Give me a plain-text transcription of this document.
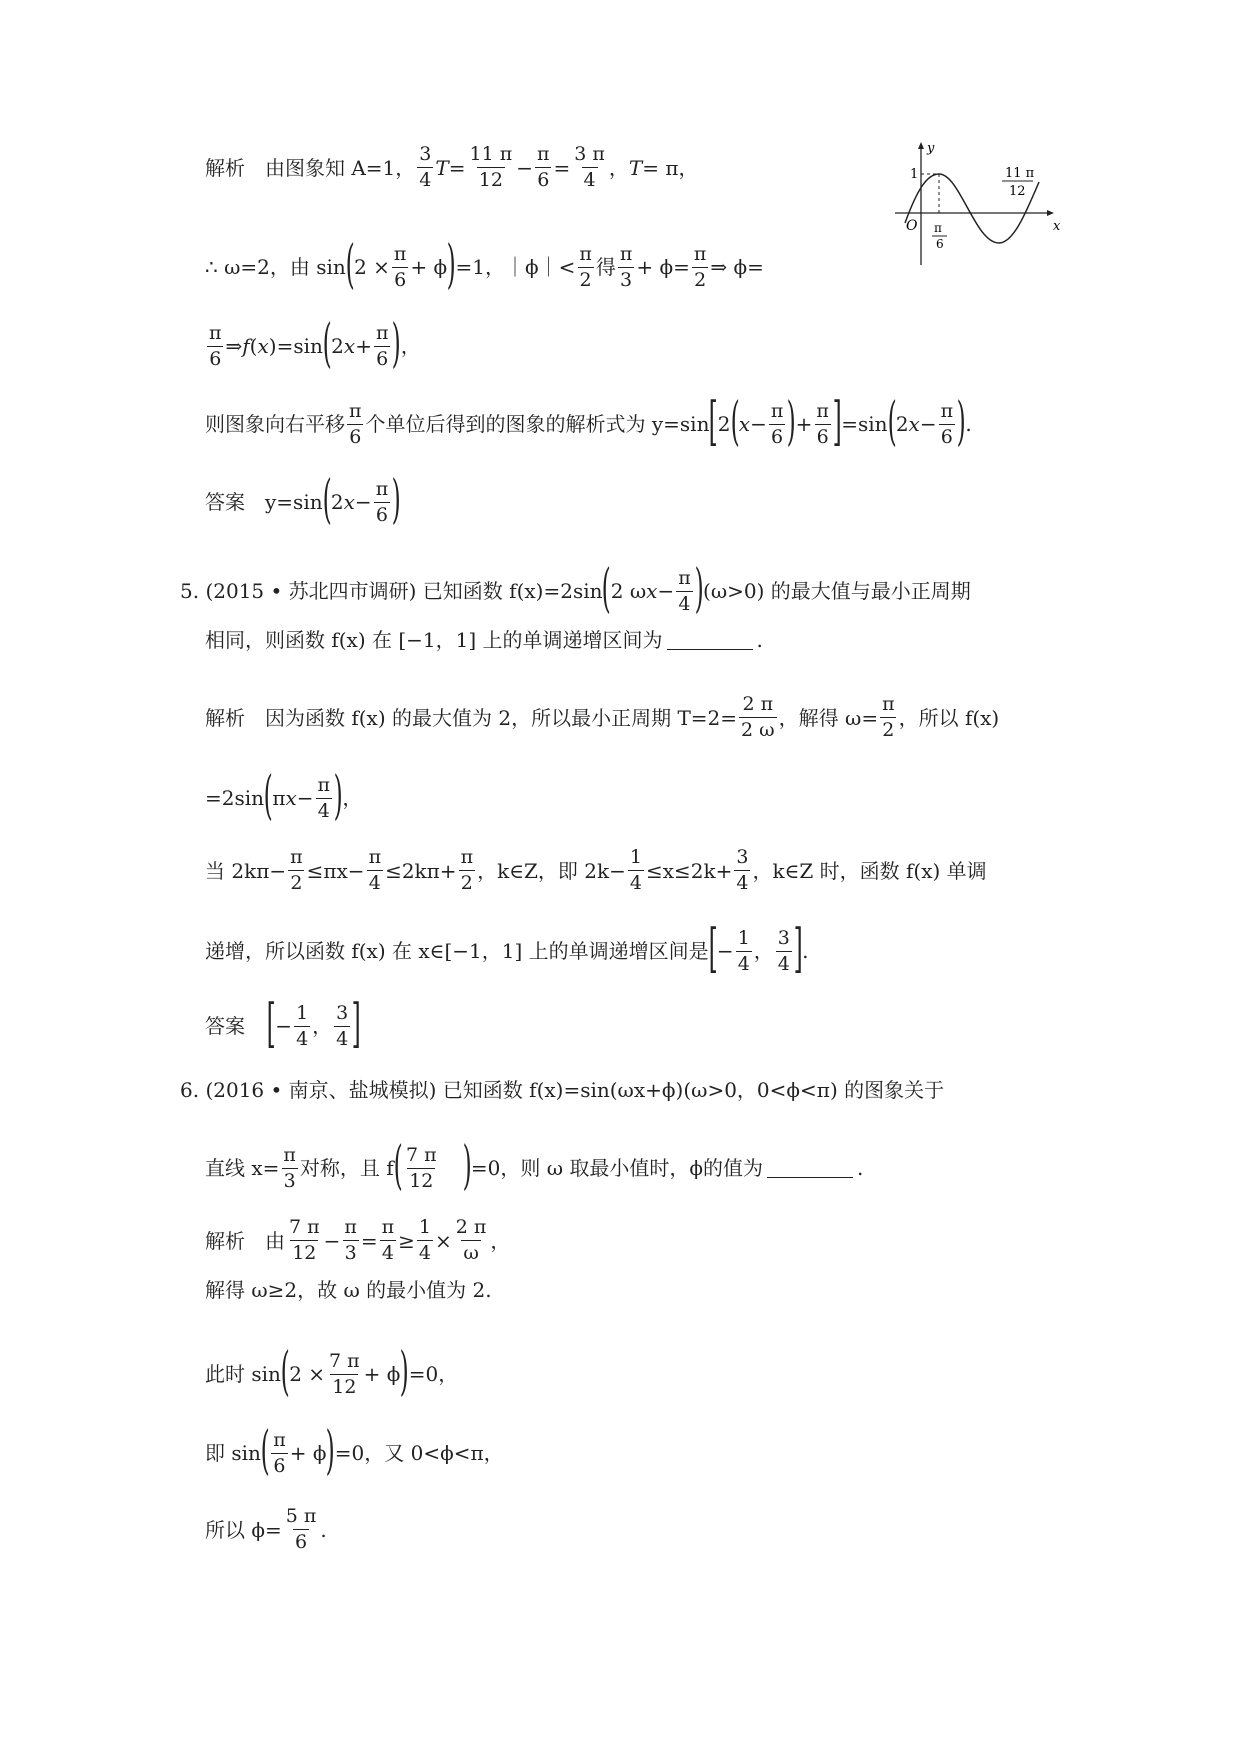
y
x
O
1
π
6
11 π
12
解析　由图象知 A=1， $\frac{3}{4}$ $T = \frac{11 \pi}{12} - \frac{\pi}{6} = \frac{3 \pi}{4}$ ， T = π，
∴ ω=2，由 sin ( $2 \times \frac{\pi}{6} + \phi$ ) =1，｜ϕ｜< $\frac{\pi}{2}$ 得 $\frac{\pi}{3} + \phi= \frac{\pi}{2}$ ⇒ ϕ=
$\frac{\pi}{6}$ ⇒ f ( x )=sin ( 2 $x + \frac{\pi}{6}$ ) ，
则图象向右平移 $\frac{\pi}{6}$ 个单位后得到的图象的解析式为 y=sin [ 2 ( $x - \frac{\pi}{6}$ ) + $\frac{\pi}{6}$ ] =sin ( 2 $x - \frac{\pi}{6}$ ) .
答案　y=sin ( 2 $x - \frac{\pi}{6}$ )
5. (2015 • 苏北四市调研) 已知函数 f(x)=2sin ( 2 ω $x - \frac{\pi}{4}$ ) (ω>0) 的最大值与最小正周期
相同，则函数 f(x) 在 [−1，1] 上的单调递增区间为	.
解析　因为函数 f(x) 的最大值为 2，所以最小正周期 $T=2= \frac{2 \pi}{2 \omega}$ ，解得 $\omega= \frac{\pi}{2}$ ，所以 f(x)
=2sin ( π $x - \frac{\pi}{4}$ ) ，
当 $2k\pi- \frac{\pi}{2} \le\pi x- \frac{\pi}{4} \le 2k\pi+ \frac{\pi}{2}$ ，k∈Z，即 $2k- \frac{1}{4} \le x\le 2k+ \frac{3}{4}$ ，k∈Z 时，函数 f(x) 单调
递增，所以函数 f(x) 在 x∈[−1，1] 上的单调递增区间是 [ − $\frac{1}{4}$ ， $\frac{3}{4}$ ] .
答案 [ − $\frac{1}{4}$ ， $\frac{3}{4}$ ]
6. (2016 • 南京、盐城模拟) 已知函数 f(x)=sin(ωx+ϕ)(ω>0，0<ϕ<π) 的图象关于
直线 $x= \frac{\pi}{3}$ 对称，且 f ( $\frac{7 \pi}{12}$ ) =0，则 ω 取最小值时，ϕ的值为	.
解析　由 $\frac{7 \pi}{12} - \frac{\pi}{3} = \frac{\pi}{4} \ge \frac{1}{4} \times \frac{2 \pi}{\omega}$ ，
解得 ω≥2，故 ω 的最小值为 2.
此时 sin ( $2 \times \frac{7 \pi}{12} + \phi$ ) =0，
即 sin ( $\frac{\pi}{6} + \phi$ ) =0，又 0<ϕ<π，
所以 $\phi= \frac{5 \pi}{6}$ .
